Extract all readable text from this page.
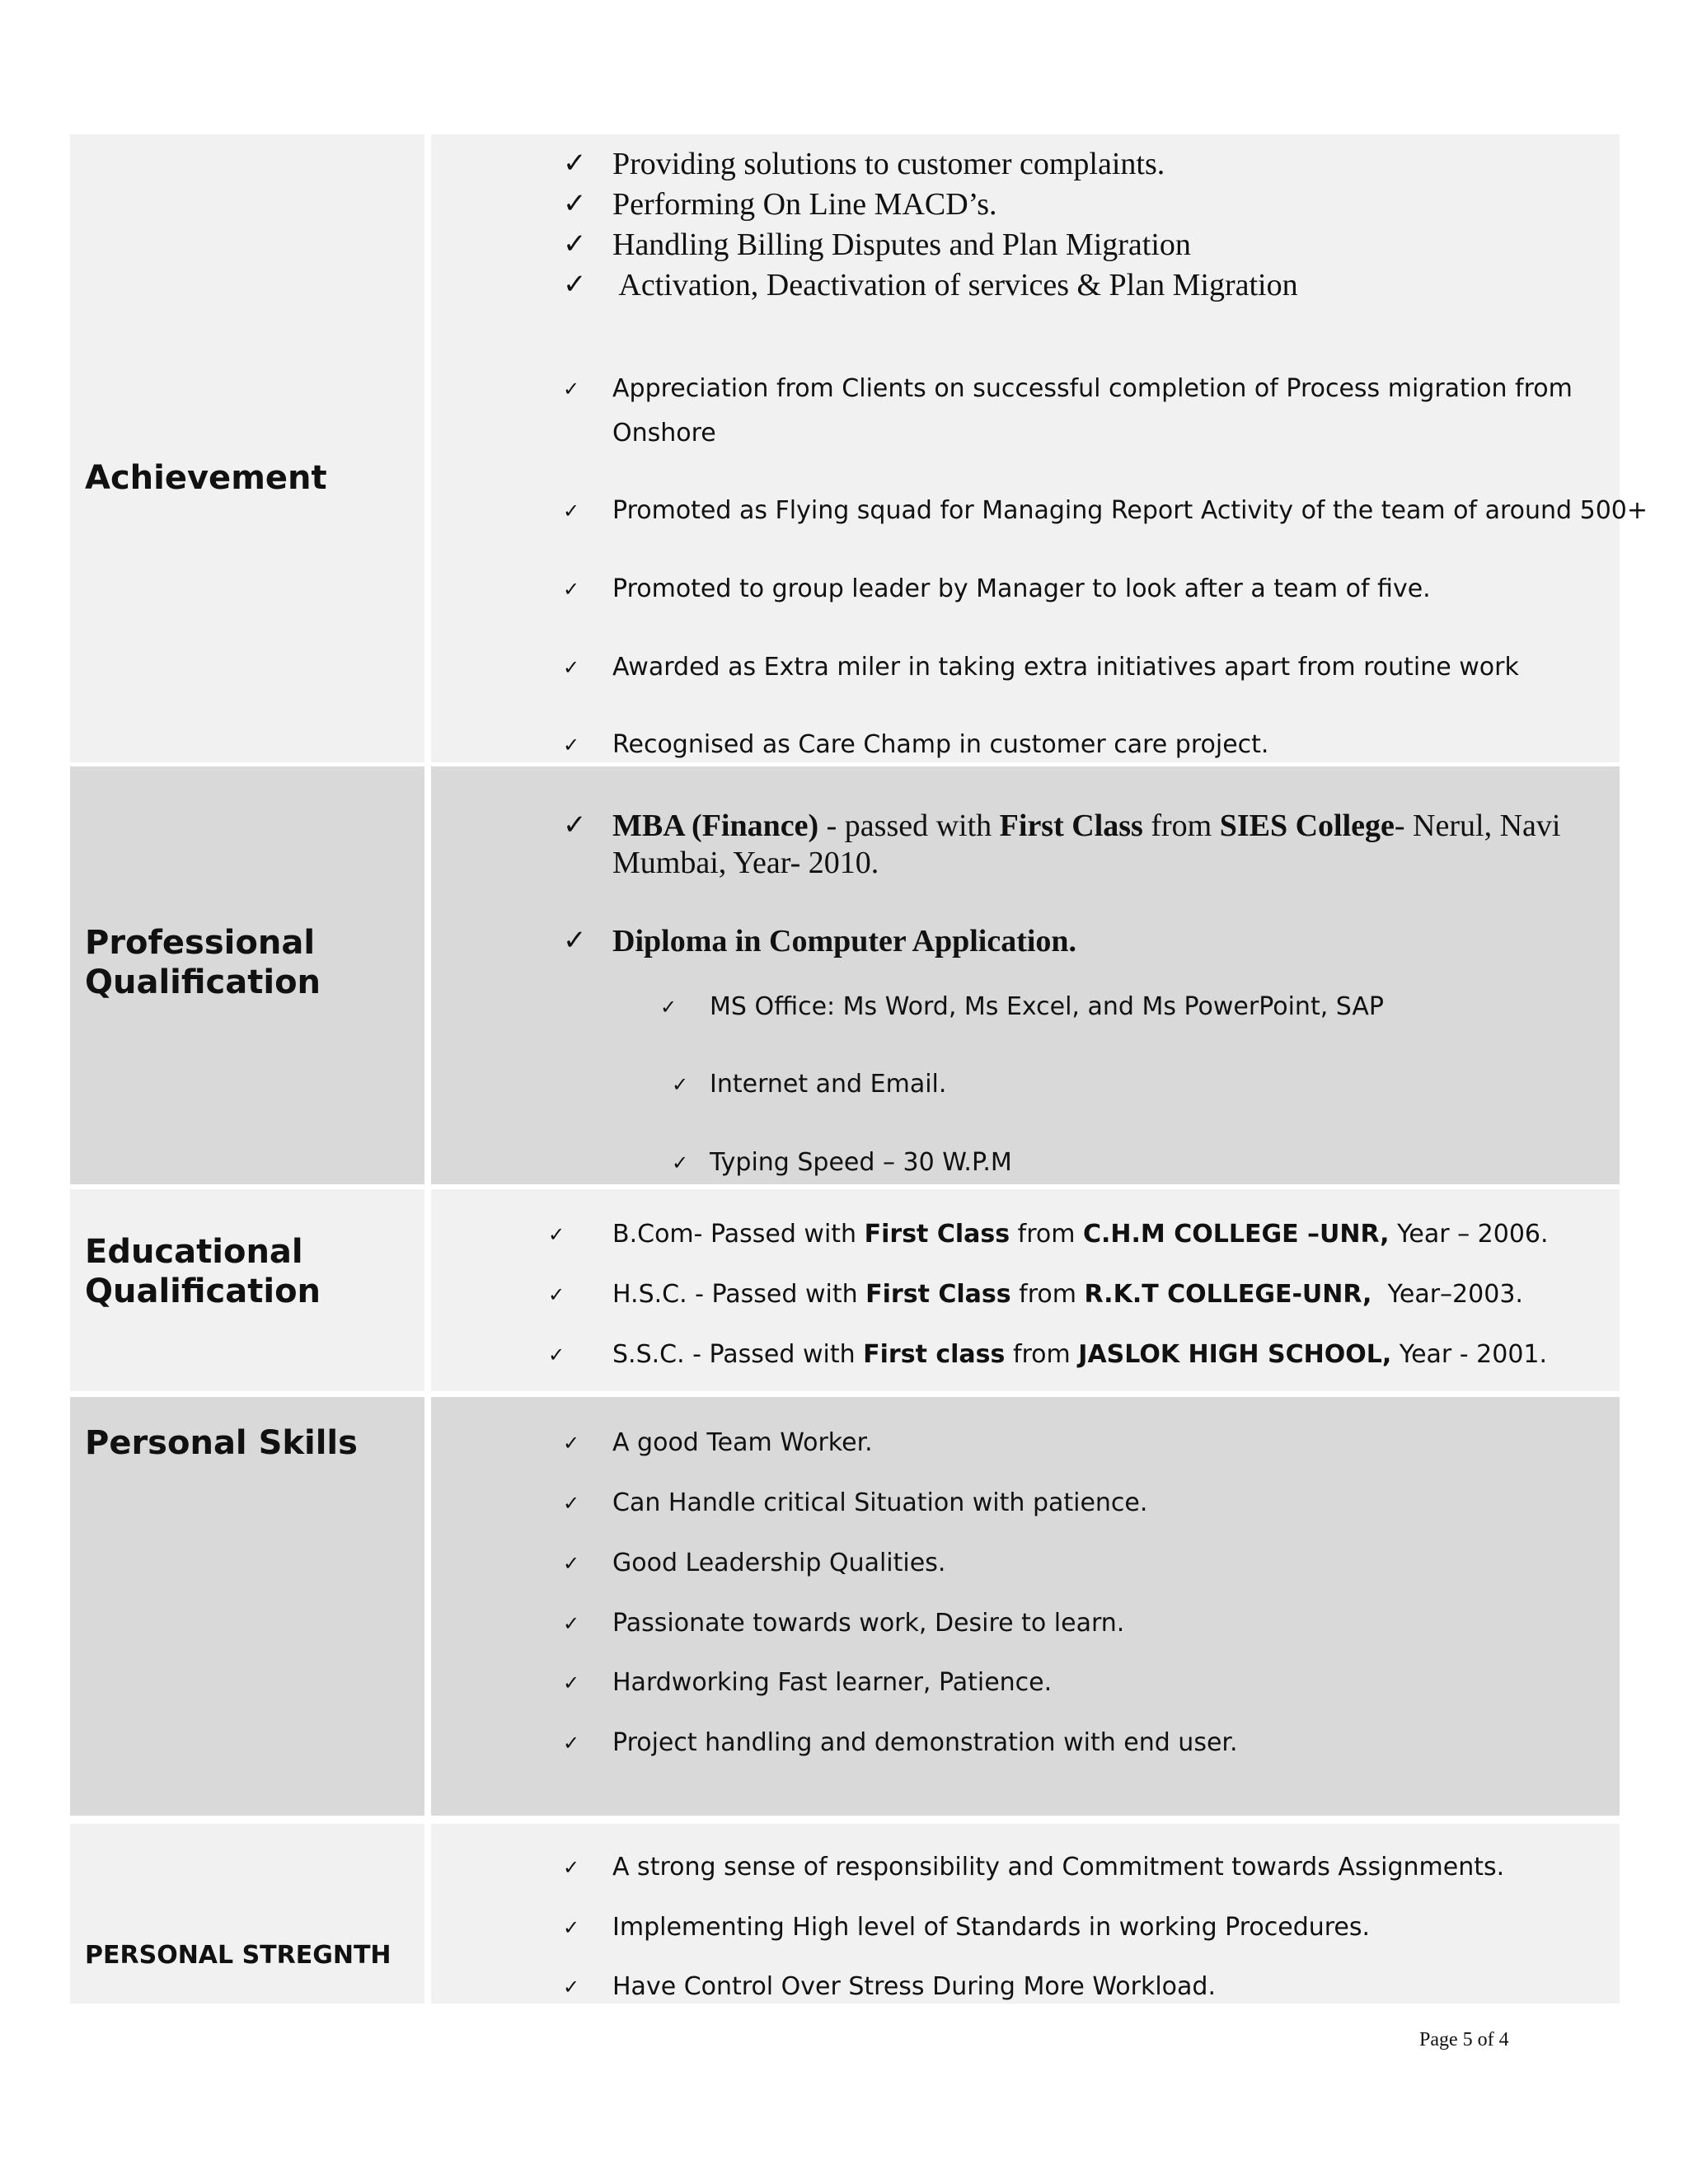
Achievement
✓ Providing solutions to customer complaints.
✓ Performing On Line MACD’s.
✓ Handling Billing Disputes and Plan Migration
✓ Activation, Deactivation of services & Plan Migration
✓ Appreciation from Clients on successful completion of Process migration from
Onshore
✓ Promoted as Flying squad for Managing Report Activity of the team of around 500+
✓ Promoted to group leader by Manager to look after a team of five.
✓ Awarded as Extra miler in taking extra initiatives apart from routine work
✓ Recognised as Care Champ in customer care project.
Professional
Qualification
✓ MBA (Finance) - passed with First Class from SIES College- Nerul, Navi
Mumbai, Year- 2010.
✓ Diploma in Computer Application.
✓ MS Office: Ms Word, Ms Excel, and Ms PowerPoint, SAP
✓ Internet and Email.
✓ Typing Speed – 30 W.P.M
Educational
Qualification
✓ B.Com- Passed with First Class from C.H.M COLLEGE –UNR, Year – 2006.
✓ H.S.C. - Passed with First Class from R.K.T COLLEGE-UNR,  Year–2003.
✓ S.S.C. - Passed with First class from JASLOK HIGH SCHOOL, Year - 2001.
Personal Skills	✓ A good Team Worker.
✓ Can Handle critical Situation with patience.
✓ Good Leadership Qualities.
✓ Passionate towards work, Desire to learn.
✓ Hardworking Fast learner, Patience.
✓ Project handling and demonstration with end user.
PERSONAL STREGNTH
✓ A strong sense of responsibility and Commitment towards Assignments.
✓ Implementing High level of Standards in working Procedures.
✓ Have Control Over Stress During More Workload.
Page 5 of 4
